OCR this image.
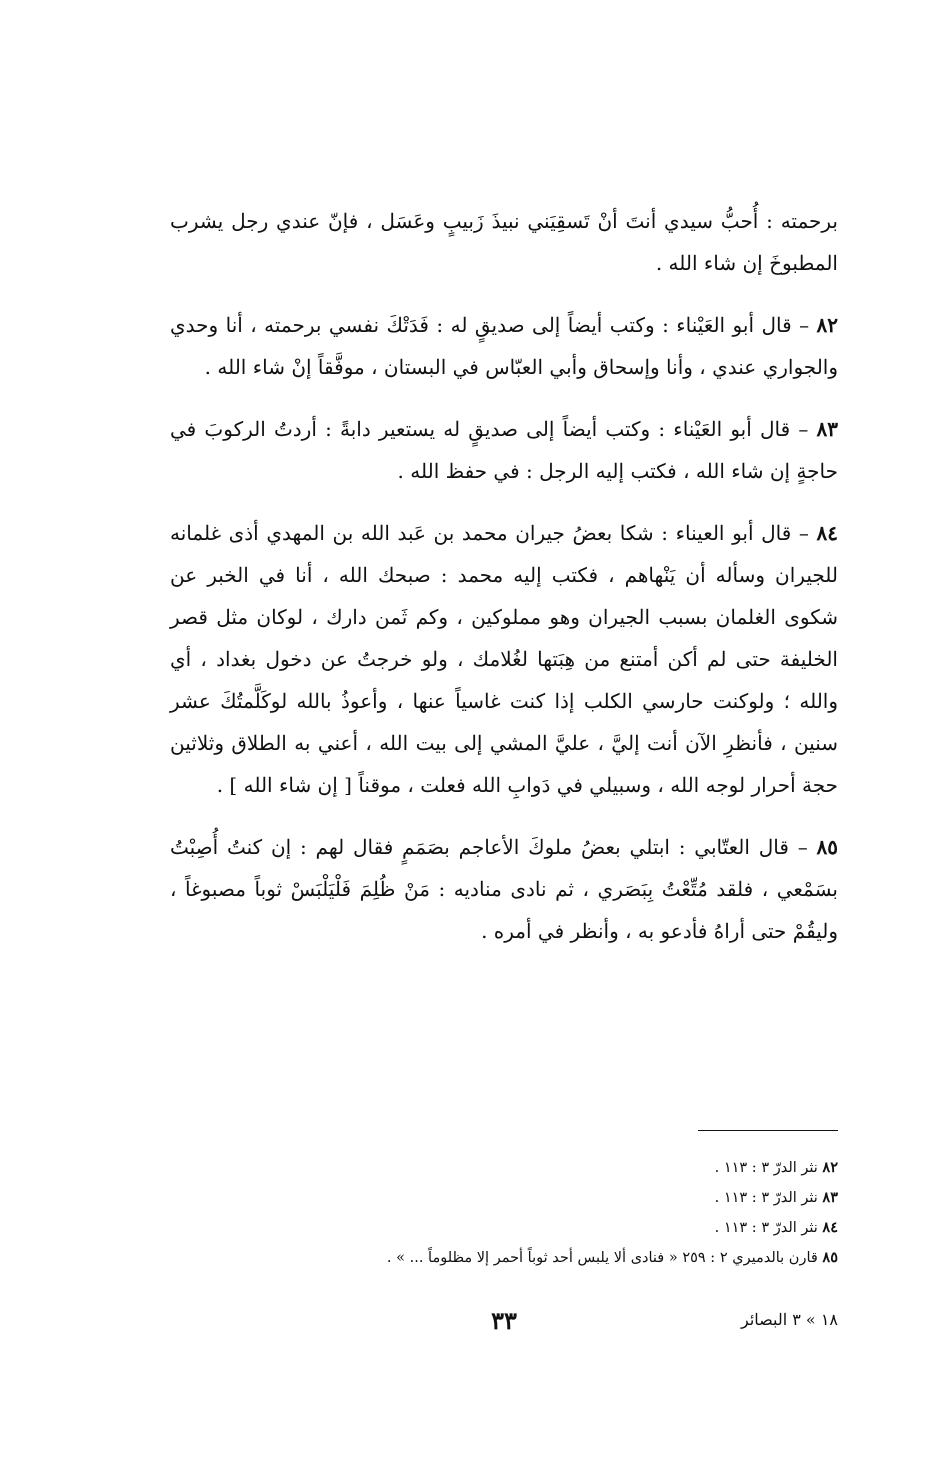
برحمته : أُحبُّ سيدي أنتَ أنْ تَسقِيَني نبيذَ زَبيبٍ وعَسَل ، فإنّ عندي رجل يشرب المطبوخَ إن شاء الله .

٨٢ – قال أبو العَيْناء : وكتب أيضاً إلى صديقٍ له : فَدَتْكَ نفسي برحمته ، أنا وحدي والجواري عندي ، وأنا وإسحاق وأبي العبّاس في البستان ، موفَّقاً إنْ شاء الله .

٨٣ – قال أبو العَيْناء : وكتب أيضاً إلى صديقٍ له يستعير دابةً : أردتُ الركوبَ في حاجةٍ إن شاء الله ، فكتب إليه الرجل : في حفظ الله .

٨٤ – قال أبو العيناء : شكا بعضُ جيران محمد بن عَبد الله بن المهدي أذى غلمانه للجيران وسأله أن يَنْهاهم ، فكتب إليه محمد : صبحك الله ، أنا في الخبر عن شكوى الغلمان بسبب الجيران وهو مملوكين ، وكم ثَمن دارك ، لوكان مثل قصر الخليفة حتى لم أكن أمتنع من هِبَتها لغُلامك ، ولو خرجتُ عن دخول بغداد ، أي والله ؛ ولوكنت حارسي الكلب إذا كنت غاسياً عنها ، وأعوذُ بالله لوكَلَّمتُكَ عشر سنين ، فأنظرِ الآن أنت إليَّ ، عليَّ المشي إلى بيت الله ، أعني به الطلاق وثلاثين حجة أحرار لوجه الله ، وسبيلي في دَوابِ الله فعلت ، موقناً [ إن شاء الله ] .

٨٥ – قال العتّابي : ابتلي بعضُ ملوكَ الأعاجم بصَمَمٍ فقال لهم : إن كنتُ أُصِبْتُ بسَمْعي ، فلقد مُتِّعْتُ بِبَصَري ، ثم نادى مناديه : مَنْ ظُلِمَ فَلْيَلْبَسْ ثوباً مصبوغاً ، وليقُمْ حتى أراهُ فأدعو به ، وأنظر في أمره .

٨٢ نثر الدرّ ٣ : ١١٣ .
٨٣ نثر الدرّ ٣ : ١١٣ .
٨٤ نثر الدرّ ٣ : ١١٣ .
٨٥ قارن بالدميري ٢ : ٢٥٩ « فنادى ألا يلبس أحد ثوباً أحمر إلا مظلوماً ... » .
١٨ » ٣ البصائر
٣٣
